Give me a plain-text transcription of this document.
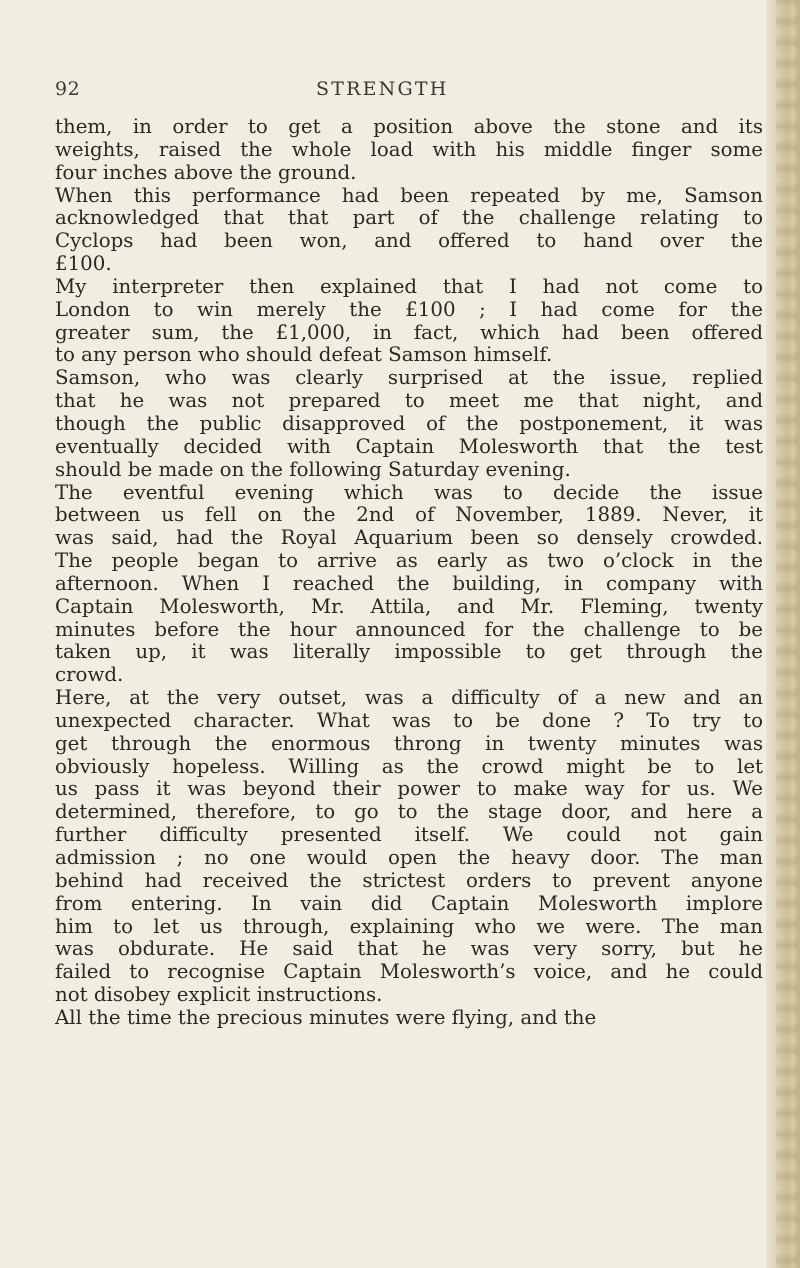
92	STRENGTH
them, in order to get a position above the stone and its
weights, raised the whole load with his middle finger some
four inches above the ground.
When this performance had been repeated by me, Samson
acknowledged that that part of the challenge relating to
Cyclops had been won, and offered to hand over the
£100.
My interpreter then explained that I had not come to
London to win merely the £100 ; I had come for the
greater sum, the £1,000, in fact, which had been offered
to any person who should defeat Samson himself.
Samson, who was clearly surprised at the issue, replied
that he was not prepared to meet me that night, and
though the public disapproved of the postponement, it was
eventually decided with Captain Molesworth that the test
should be made on the following Saturday evening.
The eventful evening which was to decide the issue
between us fell on the 2nd of November, 1889. Never, it
was said, had the Royal Aquarium been so densely crowded.
The people began to arrive as early as two o’clock in the
afternoon. When I reached the building, in company with
Captain Molesworth, Mr. Attila, and Mr. Fleming, twenty
minutes before the hour announced for the challenge to be
taken up, it was literally impossible to get through the
crowd.
Here, at the very outset, was a difficulty of a new and an
unexpected character. What was to be done ? To try to
get through the enormous throng in twenty minutes was
obviously hopeless. Willing as the crowd might be to let
us pass it was beyond their power to make way for us. We
determined, therefore, to go to the stage door, and here a
further difficulty presented itself. We could not gain
admission ; no one would open the heavy door. The man
behind had received the strictest orders to prevent anyone
from entering. In vain did Captain Molesworth implore
him to let us through, explaining who we were. The man
was obdurate. He said that he was very sorry, but he
failed to recognise Captain Molesworth’s voice, and he could
not disobey explicit instructions.
All the time the precious minutes were flying, and the
